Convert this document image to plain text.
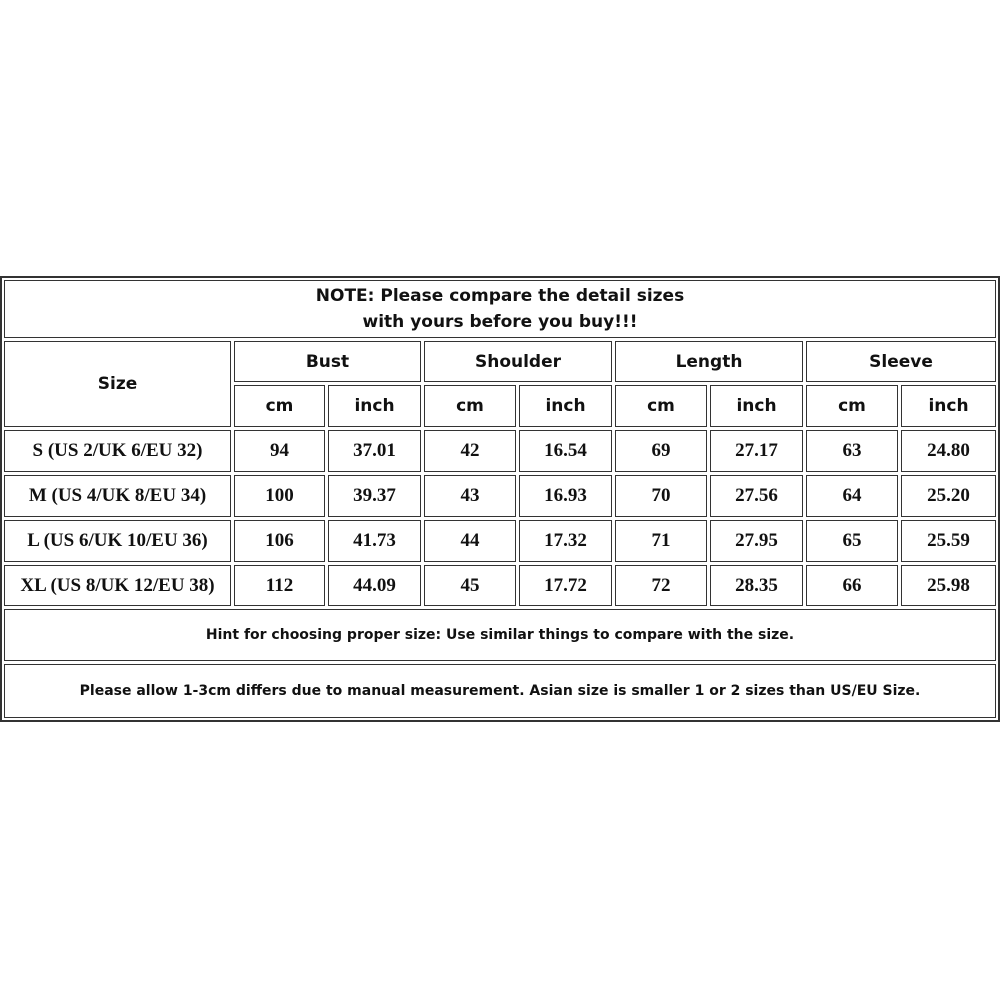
NOTE: Please compare the detail sizes
with yours before you buy!!!
Size
Bust	Shoulder	Length	Sleeve
cm	inch	cm	inch	cm	inch	cm	inch
S (US 2/UK 6/EU 32)	94	37.01	42	16.54	69	27.17	63	24.80
M (US 4/UK 8/EU 34)	100	39.37	43	16.93	70	27.56	64	25.20
L (US 6/UK 10/EU 36)	106	41.73	44	17.32	71	27.95	65	25.59
XL (US 8/UK 12/EU 38)	112	44.09	45	17.72	72	28.35	66	25.98
Hint for choosing proper size: Use similar things to compare with the size.
Please allow 1-3cm differs due to manual measurement. Asian size is smaller 1 or 2 sizes than US/EU Size.
